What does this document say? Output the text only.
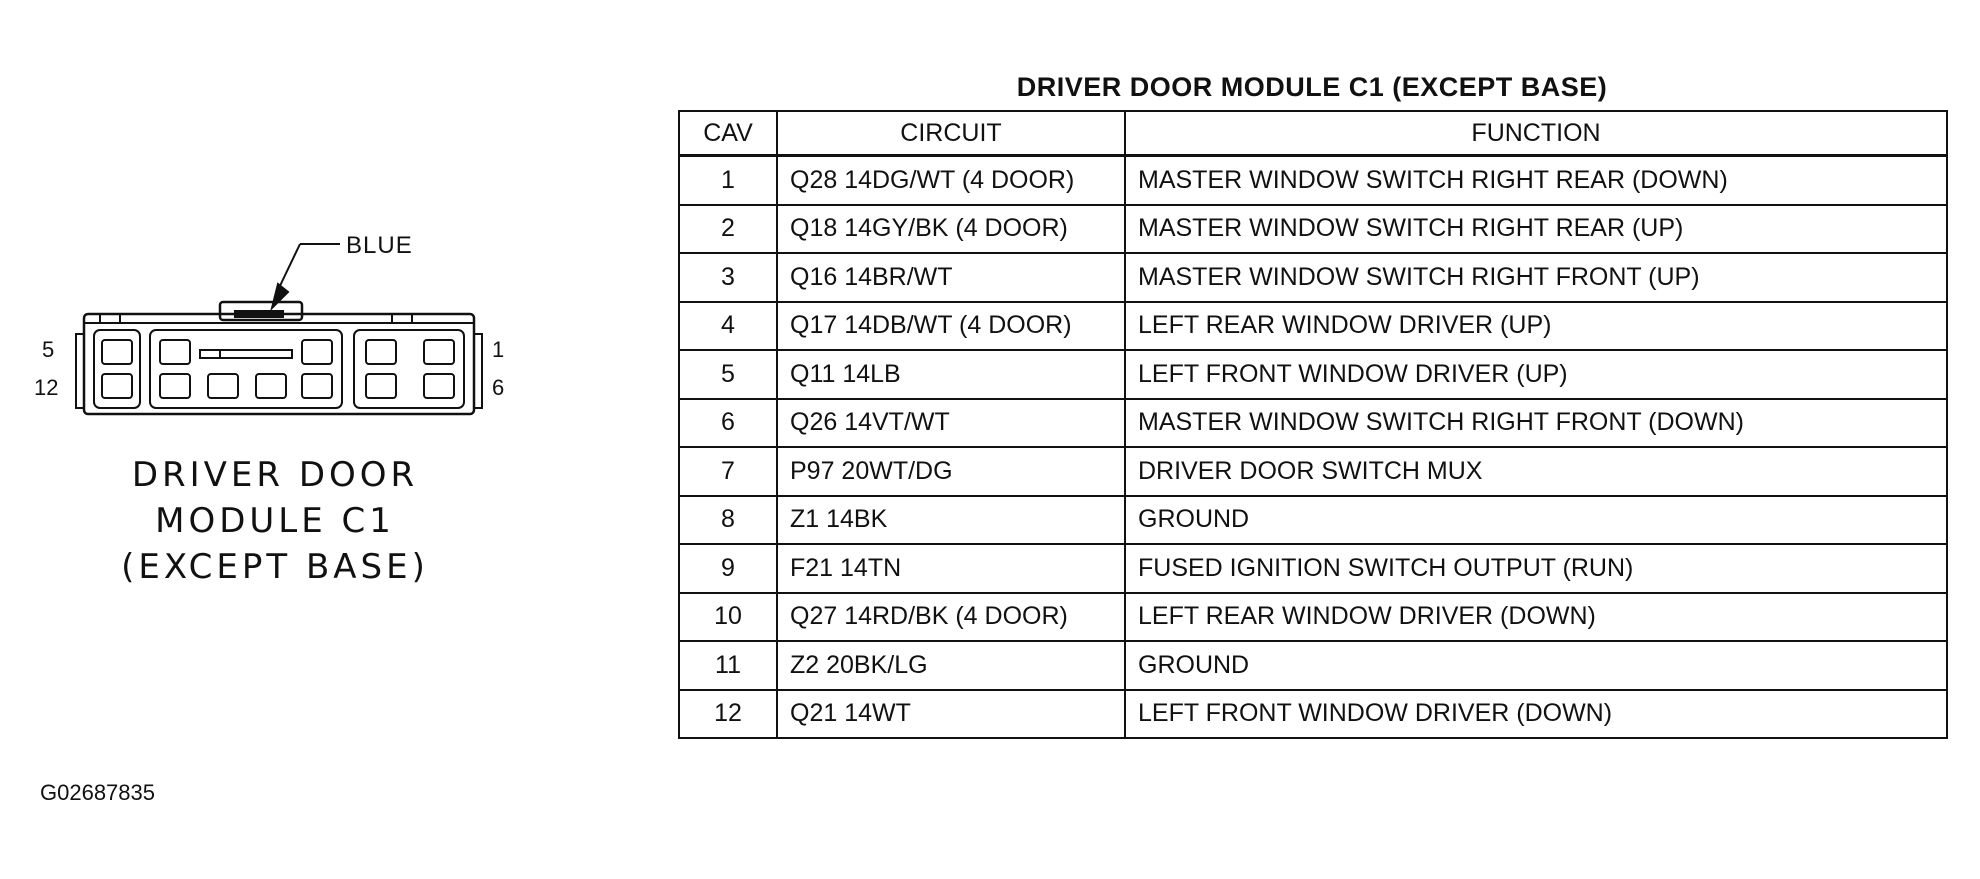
BLUE
5
12
1
6
DRIVER DOOR
MODULE C1
(EXCEPT BASE)
DRIVER DOOR MODULE C1 (EXCEPT BASE)
CAV	CIRCUIT	FUNCTION
1	Q28 14DG/WT (4 DOOR)	MASTER WINDOW SWITCH RIGHT REAR (DOWN)
2	Q18 14GY/BK (4 DOOR)	MASTER WINDOW SWITCH RIGHT REAR (UP)
3	Q16 14BR/WT	MASTER WINDOW SWITCH RIGHT FRONT (UP)
4	Q17 14DB/WT (4 DOOR)	LEFT REAR WINDOW DRIVER (UP)
5	Q11 14LB	LEFT FRONT WINDOW DRIVER (UP)
6	Q26 14VT/WT	MASTER WINDOW SWITCH RIGHT FRONT (DOWN)
7	P97 20WT/DG	DRIVER DOOR SWITCH MUX
8	Z1 14BK	GROUND
9	F21 14TN	FUSED IGNITION SWITCH OUTPUT (RUN)
10	Q27 14RD/BK (4 DOOR)	LEFT REAR WINDOW DRIVER (DOWN)
11	Z2 20BK/LG	GROUND
12	Q21 14WT	LEFT FRONT WINDOW DRIVER (DOWN)
G02687835
